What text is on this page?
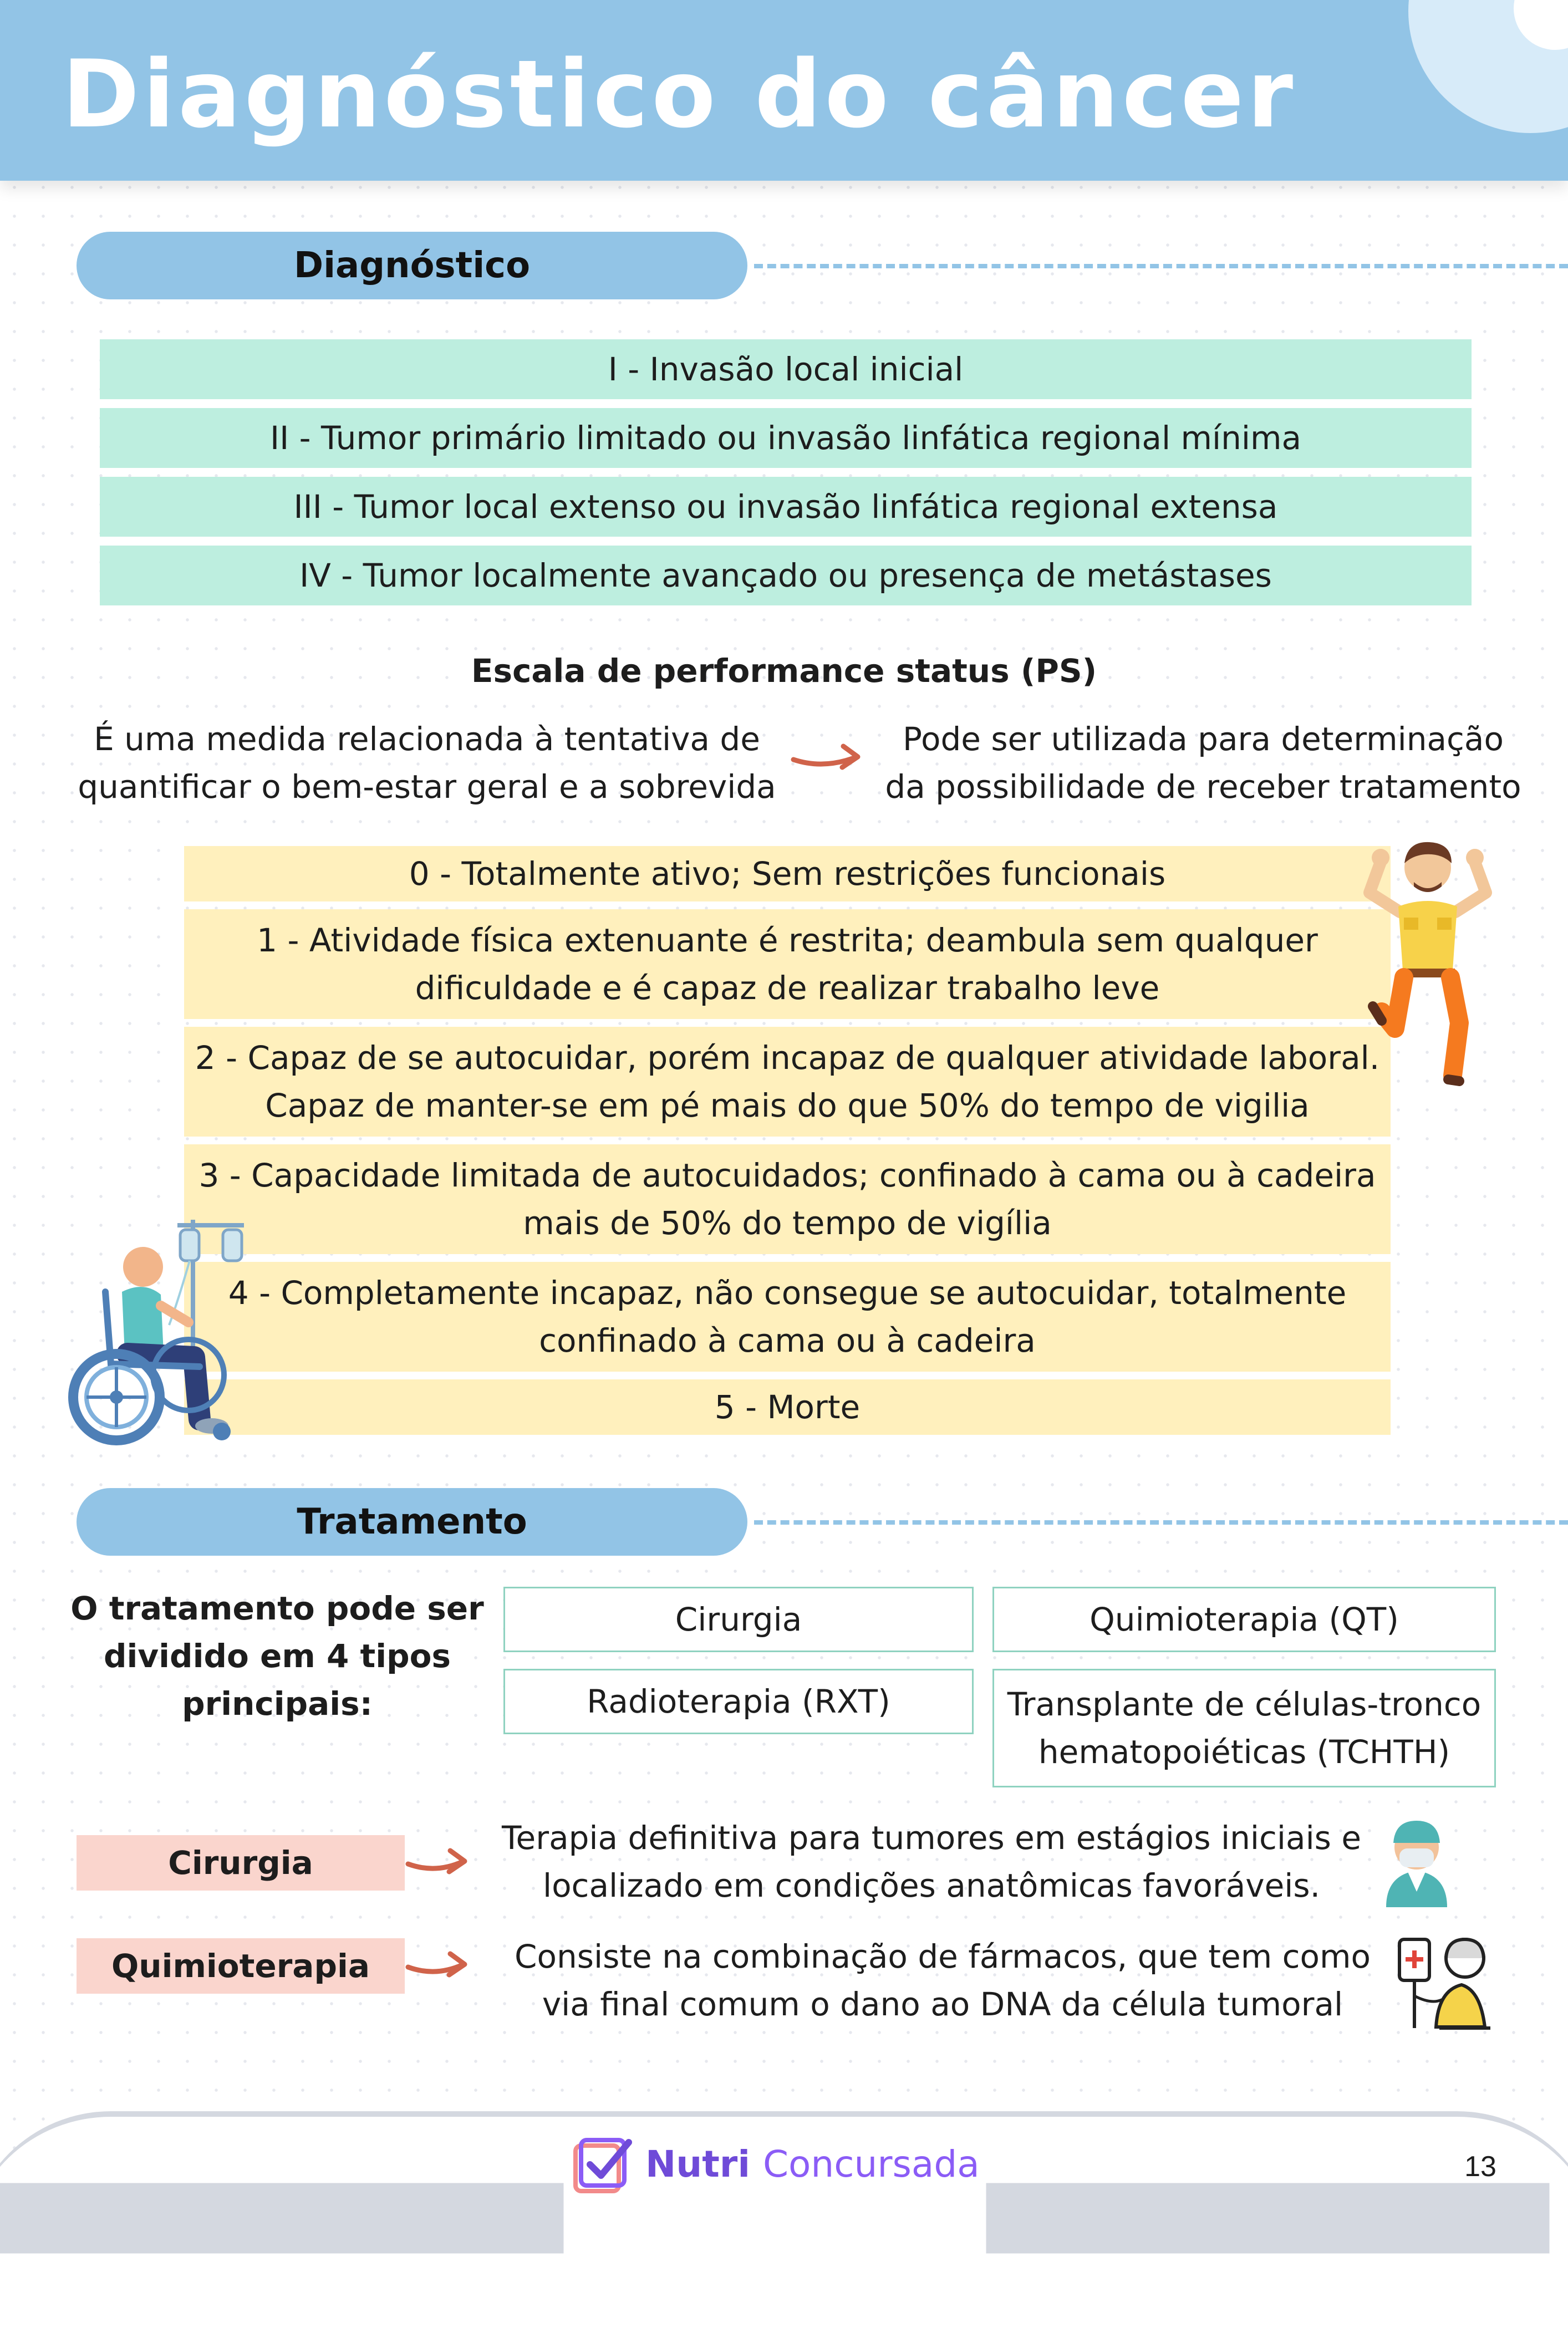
Diagnóstico do câncer
Diagnóstico
I - Invasão local inicial
II - Tumor primário limitado ou invasão linfática regional mínima
III - Tumor local extenso ou invasão linfática regional extensa
IV - Tumor localmente avançado ou presença de metástases
Escala de performance status (PS)
É uma medida relacionada à tentativa de
quantificar o bem-estar geral e a sobrevida
Pode ser utilizada para determinação
da possibilidade de receber tratamento
0 - Totalmente ativo; Sem restrições funcionais
1 - Atividade física extenuante é restrita; deambula sem qualquer
dificuldade e é capaz de realizar trabalho leve
2 - Capaz de se autocuidar, porém incapaz de qualquer atividade laboral.
Capaz de manter-se em pé mais do que 50% do tempo de vigilia
3 - Capacidade limitada de autocuidados; confinado à cama ou à cadeira
mais de 50% do tempo de vigília
4 - Completamente incapaz, não consegue se autocuidar, totalmente
confinado à cama ou à cadeira
5 - Morte
Tratamento
O tratamento pode ser
dividido em 4 tipos
principais:
Cirurgia	Quimioterapia (QT)
Radioterapia (RXT)	Transplante de células-tronco
hematopoiéticas (TCHTH)
Cirurgia
Terapia definitiva para tumores em estágios iniciais e
localizado em condições anatômicas favoráveis.
Quimioterapia	Consiste na combinação de fármacos, que tem como
via final comum o dano ao DNA da célula tumoral
Nutri Concursada	13
